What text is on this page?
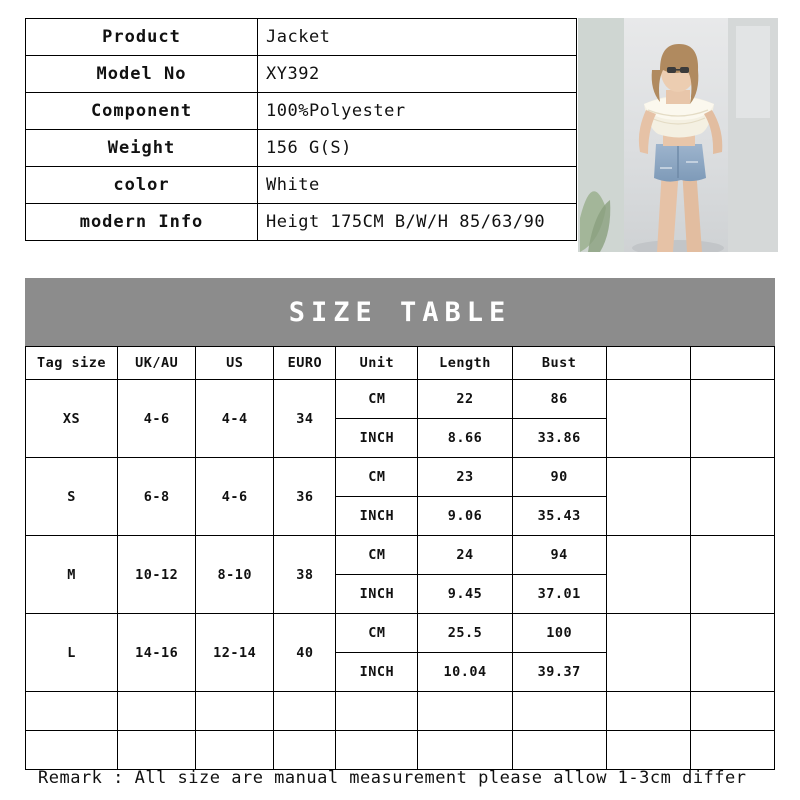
Product	Jacket
Model No	XY392
Component	100%Polyester
Weight	156 G(S)
color	White
modern Info	Heigt 175CM B/W/H 85/63/90
SIZE TABLE
Tag size	UK/AU	US	EURO	Unit	Length	Bust		
XS	4-6	4-4	34	CM	22	86		
				INCH	8.66	33.86		
S	6-8	4-6	36	CM	23	90		
				INCH	9.06	35.43		
M	10-12	8-10	38	CM	24	94		
				INCH	9.45	37.01		
L	14-16	12-14	40	CM	25.5	100		
				INCH	10.04	39.37		

Remark : All size are manual measurement please allow 1-3cm differ
